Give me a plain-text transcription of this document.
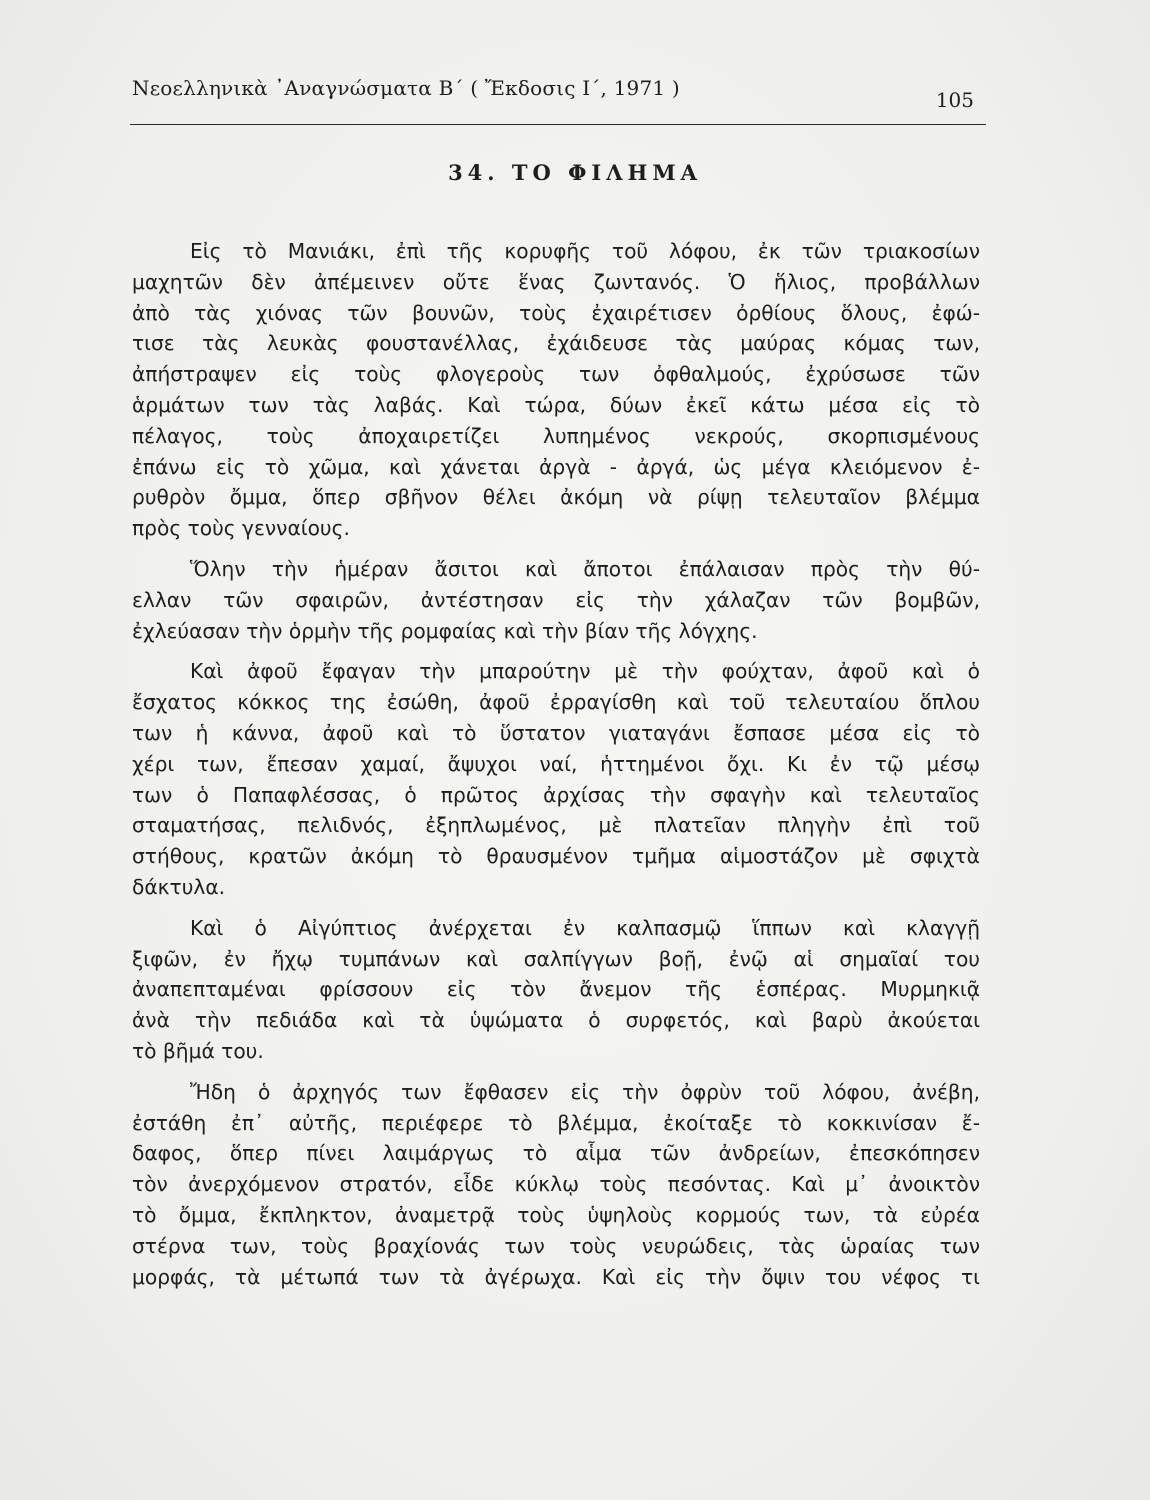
Νεοελληνικὰ ᾿Αναγνώσματα Β΄ ( Ἔκδοσις Ι΄, 1971 )	105
34. ΤΟ ΦΙΛΗΜΑ

Εἰς τὸ Μανιάκι, ἐπὶ τῆς κορυφῆς τοῦ λόφου, ἐκ τῶν τριακοσίων

μαχητῶν δὲν ἀπέμεινεν οὔτε ἕνας ζωντανός. Ὁ ἥλιος, προβάλλων

ἀπὸ τὰς χιόνας τῶν βουνῶν, τοὺς ἐχαιρέτισεν ὀρθίους ὅλους, ἐφώ-

τισε τὰς λευκὰς φουστανέλλας, ἐχάιδευσε τὰς μαύρας κόμας των,

ἀπήστραψεν εἰς τοὺς φλογεροὺς των ὀφθαλμούς, ἐχρύσωσε τῶν

ἁρμάτων των τὰς λαβάς. Καὶ τώρα, δύων ἐκεῖ κάτω μέσα εἰς τὸ

πέλαγος, τοὺς ἀποχαιρετίζει λυπημένος νεκρούς, σκορπισμένους

ἐπάνω εἰς τὸ χῶμα, καὶ χάνεται ἀργὰ - ἀργά, ὡς μέγα κλειόμενον ἐ-

ρυθρὸν ὄμμα, ὅπερ σβῆνον θέλει ἀκόμη νὰ ρίψῃ τελευταῖον βλέμμα

πρὸς τοὺς γενναίους.

Ὅλην τὴν ἡμέραν ἄσιτοι καὶ ἄποτοι ἐπάλαισαν πρὸς τὴν θύ-

ελλαν τῶν σφαιρῶν, ἀντέστησαν εἰς τὴν χάλαζαν τῶν βομβῶν,

ἐχλεύασαν τὴν ὁρμὴν τῆς ρομφαίας καὶ τὴν βίαν τῆς λόγχης.

Καὶ ἀφοῦ ἔφαγαν τὴν μπαρούτην μὲ τὴν φούχταν, ἀφοῦ καὶ ὁ

ἔσχατος κόκκος της ἐσώθη, ἀφοῦ ἐρραγίσθη καὶ τοῦ τελευταίου ὅπλου

των ἡ κάννα, ἀφοῦ καὶ τὸ ὕστατον γιαταγάνι ἔσπασε μέσα εἰς τὸ

χέρι των, ἔπεσαν χαμαί, ἄψυχοι ναί, ἡττημένοι ὄχι. Κι ἐν τῷ μέσῳ

των ὁ Παπαφλέσσας, ὁ πρῶτος ἀρχίσας τὴν σφαγὴν καὶ τελευταῖος

σταματήσας, πελιδνός, ἐξηπλωμένος, μὲ πλατεῖαν πληγὴν ἐπὶ τοῦ

στήθους, κρατῶν ἀκόμη τὸ θραυσμένον τμῆμα αἱμοστάζον μὲ σφιχτὰ

δάκτυλα.

Καὶ ὁ Αἰγύπτιος ἀνέρχεται ἐν καλπασμῷ ἵππων καὶ κλαγγῇ

ξιφῶν, ἐν ἤχῳ τυμπάνων καὶ σαλπίγγων βοῇ, ἐνῷ αἱ σημαῖαί του

ἀναπεπταμέναι φρίσσουν εἰς τὸν ἄνεμον τῆς ἑσπέρας. Μυρμηκιᾷ

ἀνὰ τὴν πεδιάδα καὶ τὰ ὑψώματα ὁ συρφετός, καὶ βαρὺ ἀκούεται

τὸ βῆμά του.

Ἤδη ὁ ἀρχηγός των ἔφθασεν εἰς τὴν ὀφρὺν τοῦ λόφου, ἀνέβη,

ἐστάθη ἐπ᾿ αὐτῆς, περιέφερε τὸ βλέμμα, ἐκοίταξε τὸ κοκκινίσαν ἔ-

δαφος, ὅπερ πίνει λαιμάργως τὸ αἷμα τῶν ἀνδρείων, ἐπεσκόπησεν

τὸν ἀνερχόμενον στρατόν, εἶδε κύκλῳ τοὺς πεσόντας. Καὶ μ᾿ ἀνοικτὸν

τὸ ὄμμα, ἔκπληκτον, ἀναμετρᾷ τοὺς ὑψηλοὺς κορμούς των, τὰ εὐρέα

στέρνα των, τοὺς βραχίονάς των τοὺς νευρώδεις, τὰς ὡραίας των

μορφάς, τὰ μέτωπά των τὰ ἀγέρωχα. Καὶ εἰς τὴν ὄψιν του νέφος τι
